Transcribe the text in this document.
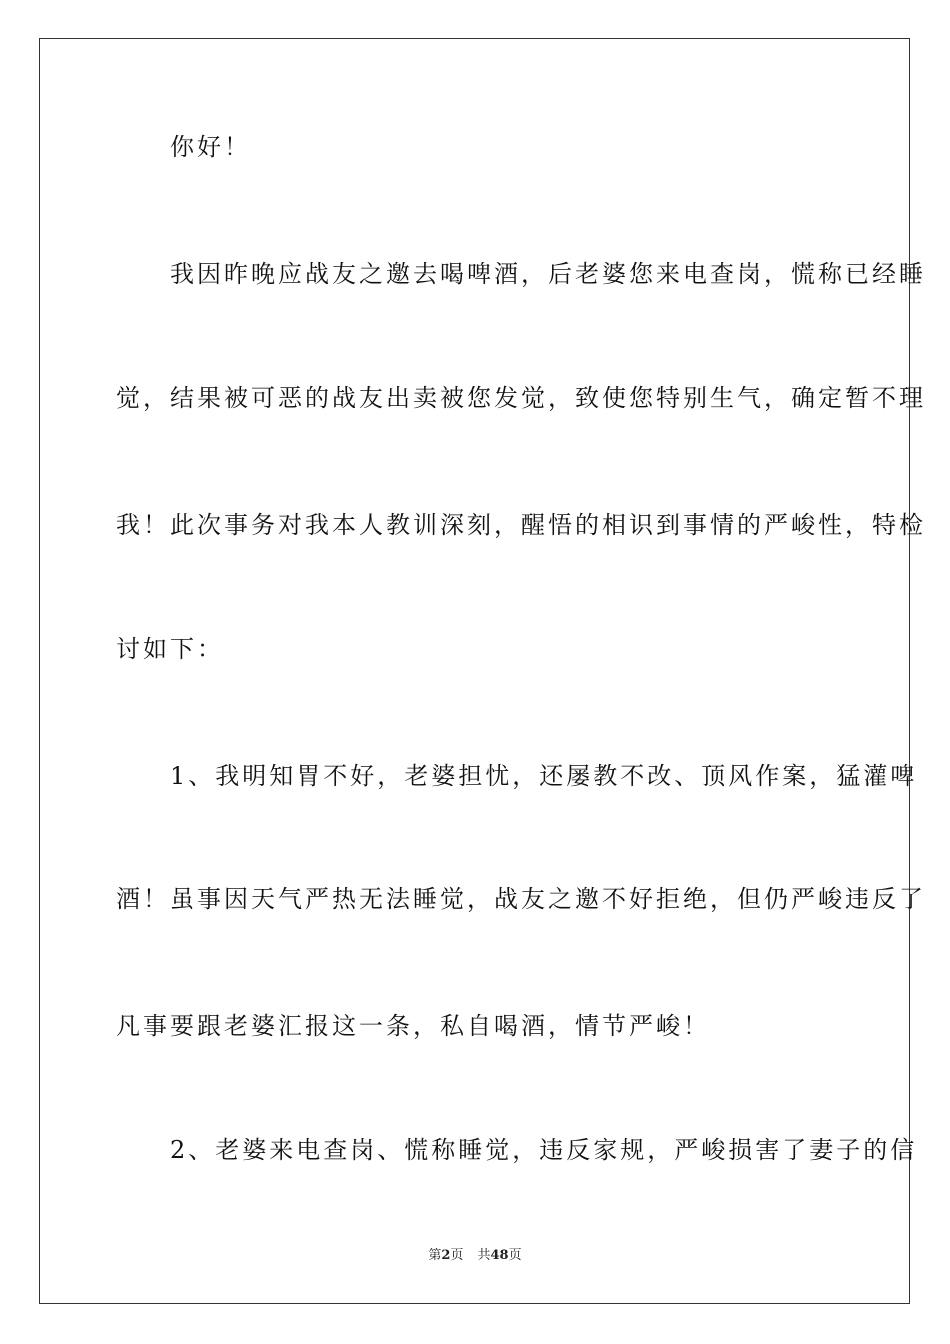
　　你好！
　　我因昨晚应战友之邀去喝啤酒，后老婆您来电查岗，慌称已经睡
觉，结果被可恶的战友出卖被您发觉，致使您特别生气，确定暂不理
我！此次事务对我本人教训深刻，醒悟的相识到事情的严峻性，特检
讨如下：
　　1、我明知胃不好，老婆担忧，还屡教不改、顶风作案，猛灌啤
酒！虽事因天气严热无法睡觉，战友之邀不好拒绝，但仍严峻违反了
凡事要跟老婆汇报这一条，私自喝酒，情节严峻！
　　2、老婆来电查岗、慌称睡觉，违反家规，严峻损害了妻子的信
第2页 共48页
